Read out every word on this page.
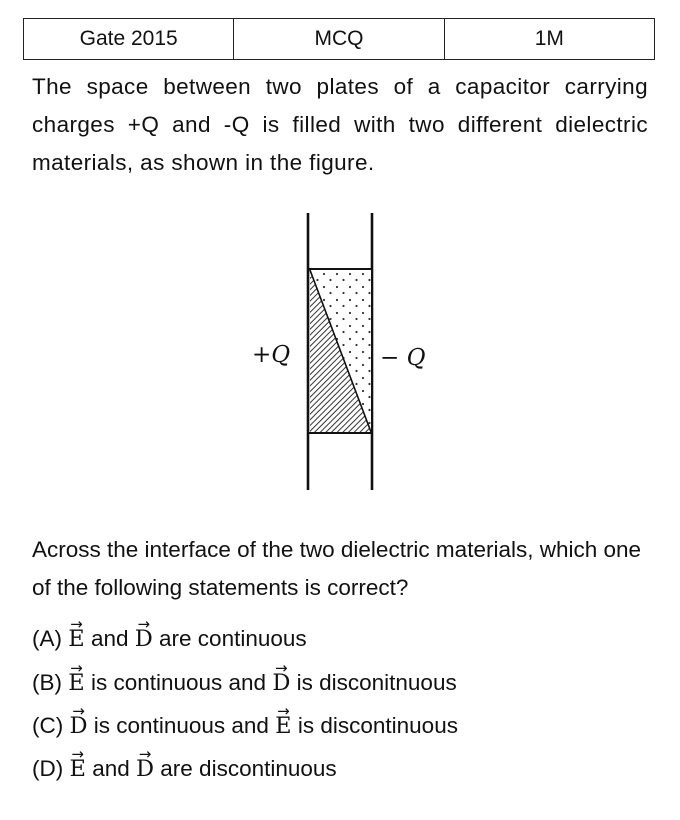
Gate 2015	MCQ	1M

The space between two plates of a capacitor carrying charges +Q and -Q is filled with two different dielectric materials, as shown in the figure.

+Q	− Q

Across the interface of the two dielectric materials, which one of the following statements is correct?

(A) → E and → D are continuous
(B) → E is continuous and → D is disconitnuous
(C) → D is continuous and → E is discontinuous
(D) → E and → D are discontinuous
